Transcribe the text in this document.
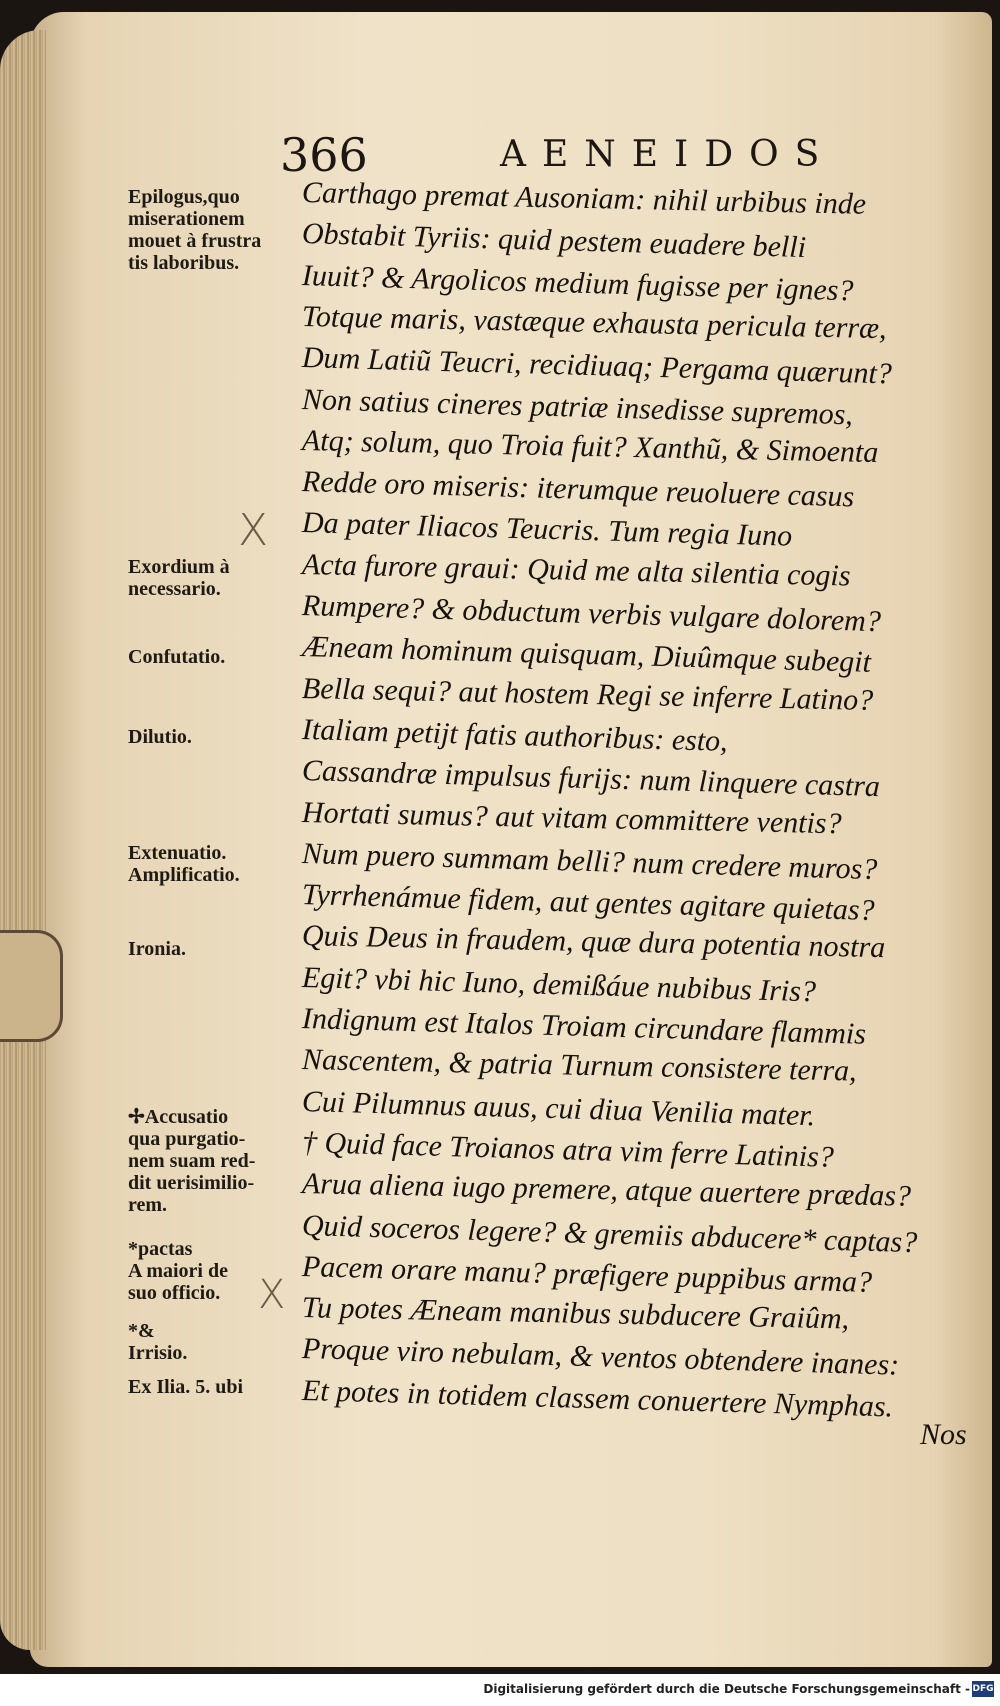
366	AENEIDOS
X
X
Epilogus,quo
miserationem
mouet à frustra
tis laboribus.
Exordium à
necessario.
Confutatio.
Dilutio.
Extenuatio.
Amplificatio.
Ironia.
✢Accusatio
qua purgatio-
nem suam red-
dit uerisimilio-
rem.
*pactas
A maiori de
suo officio.
*&
Irrisio.
Ex Ilia. 5. ubi
Carthago premat Ausoniam: nihil urbibus inde
Obstabit Tyriis: quid pestem euadere belli
Iuuit? & Argolicos medium fugisse per ignes?
Totque maris, vastæque exhausta pericula terræ,
Dum Latiũ Teucri, recidiuaq; Pergama quærunt?
Non satius cineres patriæ insedisse supremos,
Atq; solum, quo Troia fuit? Xanthũ, & Simoenta
Redde oro miseris: iterumque reuoluere casus
Da pater Iliacos Teucris. Tum regia Iuno
Acta furore graui: Quid me alta silentia cogis
Rumpere? & obductum verbis vulgare dolorem?
Æneam hominum quisquam, Diuûmque subegit
Bella sequi? aut hostem Regi se inferre Latino?
Italiam petijt fatis authoribus: esto,
Cassandræ impulsus furijs: num linquere castra
Hortati sumus? aut vitam committere ventis?
Num puero summam belli? num credere muros?
Tyrrhenámue fidem, aut gentes agitare quietas?
Quis Deus in fraudem, quæ dura potentia nostra
Egit? vbi hic Iuno, demißáue nubibus Iris?
Indignum est Italos Troiam circundare flammis
Nascentem, & patria Turnum consistere terra,
Cui Pilumnus auus, cui diua Venilia mater.
† Quid face Troianos atra vim ferre Latinis?
Arua aliena iugo premere, atque auertere prædas?
Quid soceros legere? & gremiis abducere* captas?
Pacem orare manu? præfigere puppibus arma?
Tu potes Æneam manibus subducere Graiûm,
Proque viro nebulam, & ventos obtendere inanes:
Et potes in totidem classem conuertere Nymphas.
Nos
Digitalisierung gefördert durch die Deutsche Forschungsgemeinschaft - DFG
